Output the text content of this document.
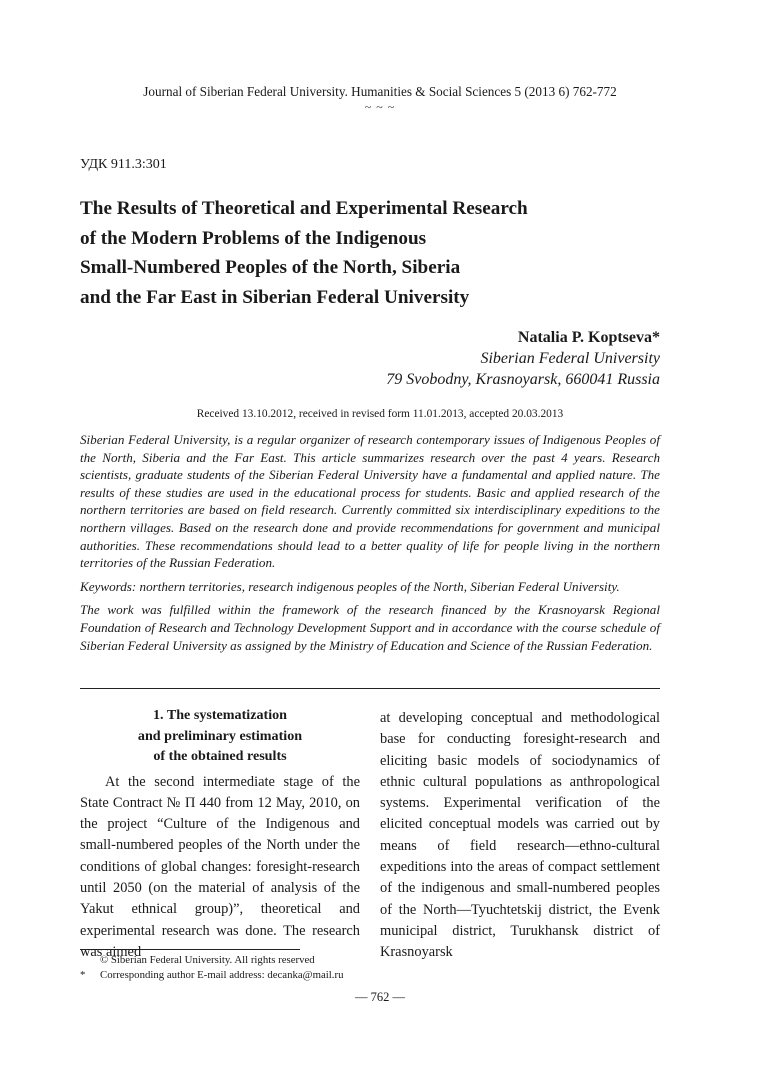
Journal of Siberian Federal University. Humanities & Social Sciences 5 (2013 6) 762-772
~ ~ ~
УДК 911.3:301
The Results of Theoretical and Experimental Research
of the Modern Problems of the Indigenous
Small-Numbered Peoples of the North, Siberia
and the Far East in Siberian Federal University
Natalia P. Koptseva*
Siberian Federal University
79 Svobodny, Krasnoyarsk, 660041 Russia
Received 13.10.2012, received in revised form 11.01.2013, accepted 20.03.2013

Siberian Federal University, is a regular organizer of research contemporary issues of Indigenous Peoples of the North, Siberia and the Far East. This article summarizes research over the past 4 years. Research scientists, graduate students of the Siberian Federal University have a fundamental and applied nature. The results of these studies are used in the educational process for students. Basic and applied research of the northern territories are based on field research. Currently committed six interdisciplinary expeditions to the northern villages. Based on the research done and provide recommendations for government and municipal authorities. These recommendations should lead to a better quality of life for people living in the northern territories of the Russian Federation.

Keywords: northern territories, research indigenous peoples of the North, Siberian Federal University.

The work was fulfilled within the framework of the research financed by the Krasnoyarsk Regional Foundation of Research and Technology Development Support and in accordance with the course schedule of Siberian Federal University as assigned by the Ministry of Education and Science of the Russian Federation.

1. The systematization
and preliminary estimation
of the obtained results
At the second intermediate stage of the State Contract № П 440 from 12 May, 2010, on the project “Culture of the Indigenous and small-numbered peoples of the North under the conditions of global changes: foresight-research until 2050 (on the material of analysis of the Yakut ethnical group)”, theoretical and experimental research was done. The research was aimed
at developing conceptual and methodological base for conducting foresight-research and eliciting basic models of sociodynamics of ethnic cultural populations as anthropological systems. Experimental verification of the elicited conceptual models was carried out by means of field research—ethno-cultural expeditions into the areas of compact settlement of the indigenous and small-numbered peoples of the North—Tyuchtetskij district, the Evenk municipal district, Turukhansk district of Krasnoyarsk
© Siberian Federal University. All rights reserved
*	Corresponding author E-mail address: decanka@mail.ru
— 762 —
